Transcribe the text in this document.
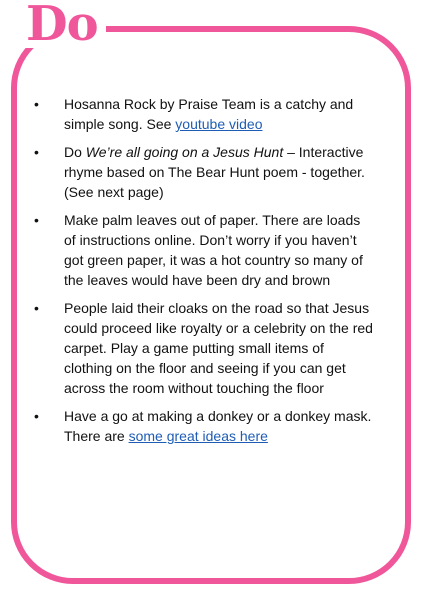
Do
• Hosanna Rock by Praise Team is a catchy and simple song. See youtube video
• Do We’re all going on a Jesus Hunt – Interactive rhyme based on The Bear Hunt poem - together. (See next page)
• Make palm leaves out of paper. There are loads of instructions online. Don’t worry if you haven’t got green paper, it was a hot country so many of the leaves would have been dry and brown
• People laid their cloaks on the road so that Jesus could proceed like royalty or a celebrity on the red carpet. Play a game putting small items of clothing on the floor and seeing if you can get across the room without touching the floor
• Have a go at making a donkey or a donkey mask. There are some great ideas here
